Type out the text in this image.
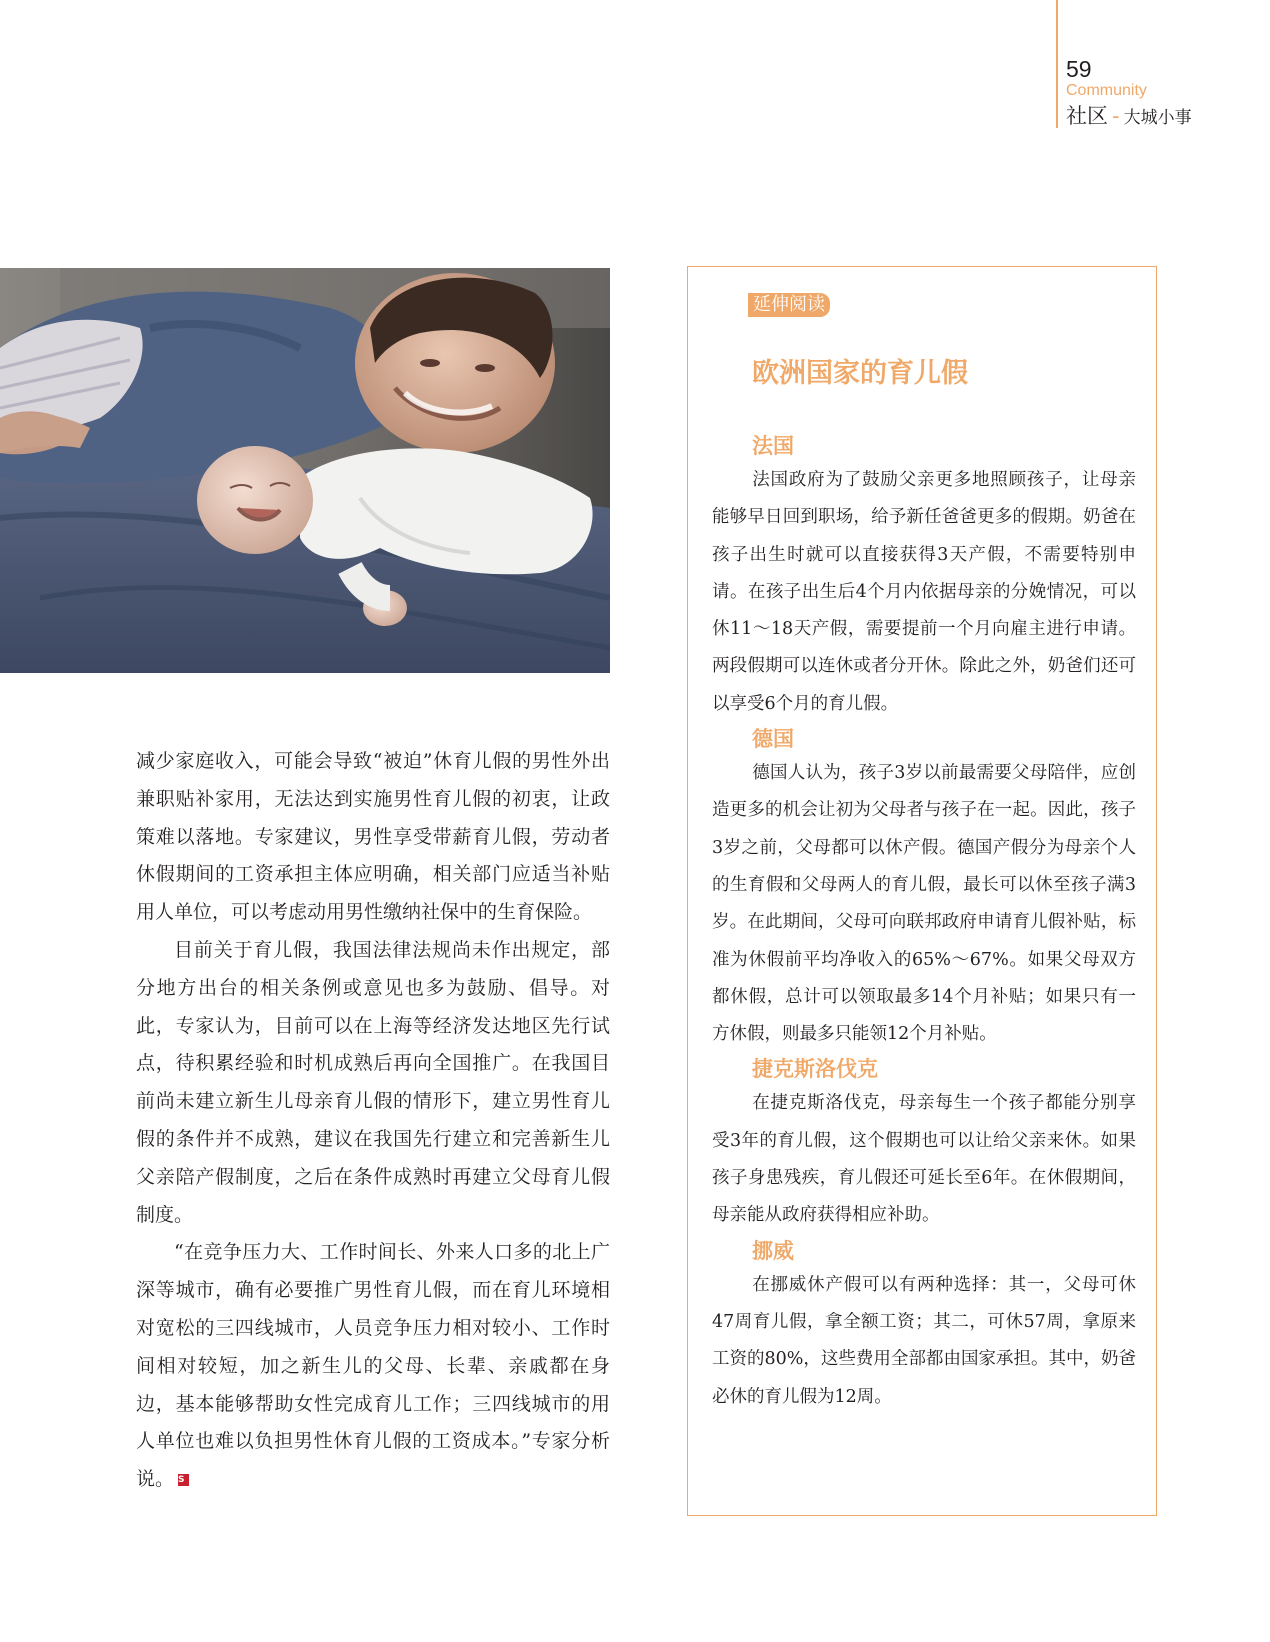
59
Community
社区 - 大城小事

减少家庭收入，可能会导致“被迫”休育儿假的男性外出兼职贴补家用，无法达到实施男性育儿假的初衷，让政策难以落地。专家建议，男性享受带薪育儿假，劳动者休假期间的工资承担主体应明确，相关部门应适当补贴用人单位，可以考虑动用男性缴纳社保中的生育保险。

目前关于育儿假，我国法律法规尚未作出规定，部分地方出台的相关条例或意见也多为鼓励、倡导。对此，专家认为，目前可以在上海等经济发达地区先行试点，待积累经验和时机成熟后再向全国推广。在我国目前尚未建立新生儿母亲育儿假的情形下，建立男性育儿假的条件并不成熟，建议在我国先行建立和完善新生儿父亲陪产假制度，之后在条件成熟时再建立父母育儿假制度。

“在竞争压力大、工作时间长、外来人口多的北上广深等城市，确有必要推广男性育儿假，而在育儿环境相对宽松的三四线城市，人员竞争压力相对较小、工作时间相对较短，加之新生儿的父母、长辈、亲戚都在身边，基本能够帮助女性完成育儿工作；三四线城市的用人单位也难以负担男性休育儿假的工资成本。”专家分析说。 S

延伸阅读
欧洲国家的育儿假
法国

法国政府为了鼓励父亲更多地照顾孩子，让母亲能够早日回到职场，给予新任爸爸更多的假期。奶爸在孩子出生时就可以直接获得3天产假，不需要特别申请。在孩子出生后4个月内依据母亲的分娩情况，可以休11～18天产假，需要提前一个月向雇主进行申请。两段假期可以连休或者分开休。除此之外，奶爸们还可以享受6个月的育儿假。

德国

德国人认为，孩子3岁以前最需要父母陪伴，应创造更多的机会让初为父母者与孩子在一起。因此，孩子3岁之前，父母都可以休产假。德国产假分为母亲个人的生育假和父母两人的育儿假，最长可以休至孩子满3岁。在此期间，父母可向联邦政府申请育儿假补贴，标准为休假前平均净收入的65%～67%。如果父母双方都休假，总计可以领取最多14个月补贴；如果只有一方休假，则最多只能领12个月补贴。

捷克斯洛伐克

在捷克斯洛伐克，母亲每生一个孩子都能分别享受3年的育儿假，这个假期也可以让给父亲来休。如果孩子身患残疾，育儿假还可延长至6年。在休假期间，母亲能从政府获得相应补助。

挪威

在挪威休产假可以有两种选择：其一，父母可休47周育儿假，拿全额工资；其二，可休57周，拿原来工资的80%，这些费用全部都由国家承担。其中，奶爸必休的育儿假为12周。
